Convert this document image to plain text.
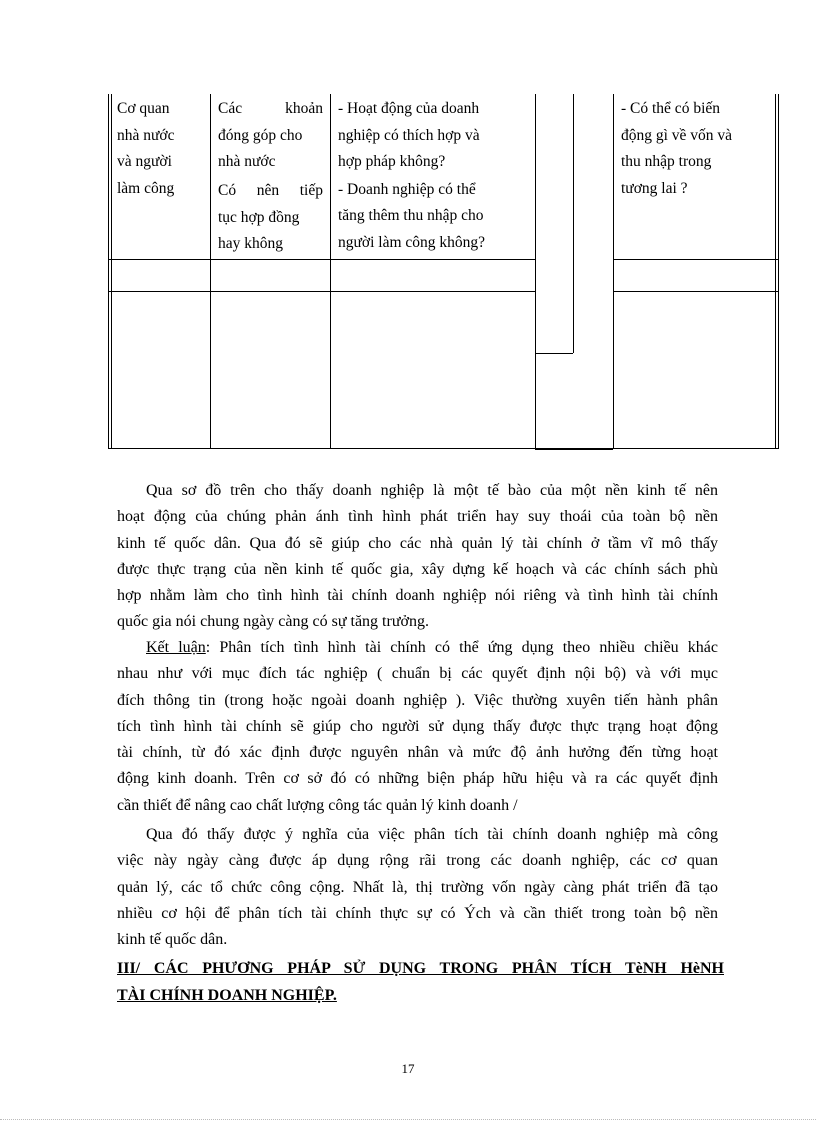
Cơ quan
nhà nước
và người
làm công
Các	khoản
đóng góp cho
nhà nước
Có nên tiếp
tục hợp đồng
hay không
- Hoạt động của doanh
nghiệp có thích hợp và
hợp pháp không?
- Doanh nghiệp có thể
tăng thêm thu nhập cho
người làm công không?
- Có thể có biến
động gì về vốn và
thu nhập trong
tương lai ?
Qua sơ đồ trên cho thấy doanh nghiệp là một tế bào của một nền kinh tế nên
hoạt động của chúng phản ánh tình hình phát triển hay suy thoái của toàn bộ nền
kinh tế quốc dân. Qua đó sẽ giúp cho các nhà quản lý tài chính ở tầm vĩ mô thấy
được thực trạng của nền kinh tế quốc gia, xây dựng kế hoạch và các chính sách phù
hợp nhằm làm cho tình hình tài chính doanh nghiệp nói riêng và tình hình tài chính
quốc gia nói chung ngày càng có sự tăng trưởng.
Kết luận: Phân tích tình hình tài chính có thể ứng dụng theo nhiều chiều khác
nhau như với mục đích tác nghiệp ( chuẩn bị các quyết định nội bộ) và với mục
đích thông tin (trong hoặc ngoài doanh nghiệp ). Việc thường xuyên tiến hành phân
tích tình hình tài chính sẽ giúp cho người sử dụng thấy được thực trạng hoạt động
tài chính, từ đó xác định được nguyên nhân và mức độ ảnh hưởng đến từng hoạt
động kinh doanh. Trên cơ sở đó có những biện pháp hữu hiệu và ra các quyết định
cần thiết để nâng cao chất lượng công tác quản lý kinh doanh /
Qua đó thấy được ý nghĩa của việc phân tích tài chính doanh nghiệp mà công
việc này ngày càng được áp dụng rộng rãi trong các doanh nghiệp, các cơ quan
quản lý, các tổ chức công cộng. Nhất là, thị trường vốn ngày càng phát triển đã tạo
nhiều cơ hội để phân tích tài chính thực sự có Ých và cần thiết trong toàn bộ nền
kinh tế quốc dân.
III/ CÁC PHƯƠNG PHÁP SỬ DỤNG TRONG PHÂN TÍCH TèNH HèNH
TÀI CHÍNH DOANH NGHIỆP.
17
